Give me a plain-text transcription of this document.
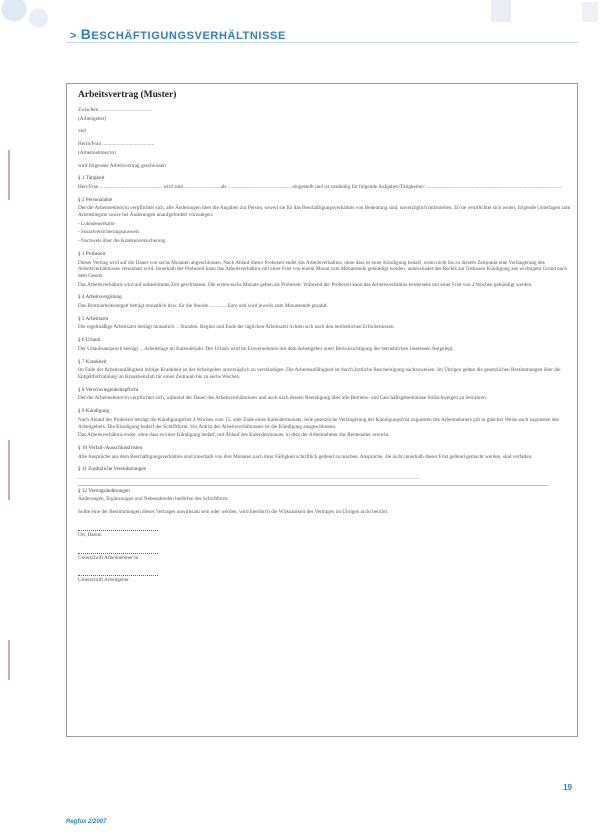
> BESCHÄFTIGUNGSVERHÄLTNISSE
Arbeitsvertrag (Muster)
Zwischen ........................................
(Arbeitgeber)
und
Herrn/Frau ........................................
(Arbeitnehmer/in)
wird folgender Arbeitsvertrag geschlossen:
§ 1 Tätigkeit
Herr/Frau ................................................ wird zum ........................... als ................................................. eingestellt und ist zuständig für folgende Aufgaben/Tätigkeiten: ........................................................................................................
§ 2 Personalakte
Der/die Arbeitnehmer/in verpflichtet sich, alle Änderungen über die Angaben zur Person, soweit sie für das Beschäftigungsverhältnis von Bedeutung sind, unverzüglich mitzuteilen. Er/sie verpflichtet sich weiter, folgende Unterlagen zum Arbeitsbeginn sowie bei Änderungen unaufgefordert vorzulegen:
- Lohnsteuerkarte
- Sozialversicherungsausweis
- Nachweis über die Krankenversicherung
§ 3 Probezeit
Dieser Vertrag wird auf die Dauer von sechs Monaten abgeschlossen. Nach Ablauf dieser Probezeit endet das Arbeitsverhältnis, ohne dass es einer Kündigung bedarf, wenn nicht bis zu diesem Zeitpunkt eine Verlängerung des Arbeitsverhältnisses vereinbart wird. Innerhalb der Probezeit kann das Arbeitsverhältnis mit einer Frist von einem Monat zum Monatsende gekündigt werden, unbeschadet des Rechts zur fristlosen Kündigung aus wichtigem Grund nach dem Gesetz.
Das Arbeitsverhältnis wird auf unbestimmte Zeit geschlossen. Die ersten sechs Monate gelten als Probezeit. Während der Probezeit kann das Arbeitsverhältnis beiderseits mit einer Frist von 2 Wochen gekündigt werden.
§ 4 Arbeitsvergütung
Das Bruttoarbeitsentgelt beträgt monatlich bzw. für die Stunde ............. Euro und wird jeweils zum Monatsende gezahlt.
§ 5 Arbeitszeit
Die regelmäßige Arbeitszeit beträgt monatlich ... Stunden. Beginn und Ende der täglichen Arbeitszeit richten sich nach den betrieblichen Erfordernissen.
§ 6 Urlaub
Der Urlaubsanspruch beträgt ... Arbeitstage im Kalenderjahr. Der Urlaub wird im Einvernehmen mit dem Arbeitgeber unter Berücksichtigung der betrieblichen Interessen festgelegt.
§ 7 Krankheit
Im Falle der Arbeitsunfähigkeit infolge Krankheit ist der Arbeitgeber unverzüglich zu verständigen. Die Arbeitsunfähigkeit ist durch ärztliche Bescheinigung nachzuweisen. Im Übrigen gelten die gesetzlichen Bestimmungen über die Entgeltfortzahlung im Krankheitsfall für einen Zeitraum bis zu sechs Wochen.
§ 8 Verschwiegenheitspflicht
Der/die Arbeitnehmer/in verpflichtet sich, während der Dauer des Arbeitsverhältnisses und auch nach dessen Beendigung über alle Betriebs- und Geschäftsgeheimnisse Stillschweigen zu bewahren.
§ 9 Kündigung
Nach Ablauf der Probezeit beträgt die Kündigungsfrist 4 Wochen zum 15. oder Ende eines Kalendermonats. Jede gesetzliche Verlängerung der Kündigungsfrist zugunsten des Arbeitnehmers gilt in gleicher Weise auch zugunsten des Arbeitgebers. Die Kündigung bedarf der Schriftform. Vor Antritt des Arbeitsverhältnisses ist die Kündigung ausgeschlossen.
Das Arbeitsverhältnis endet, ohne dass es einer Kündigung bedarf, mit Ablauf des Kalendermonats, in dem der Arbeitnehmer das Rentenalter erreicht.
§ 10 Verfall-/Ausschlussfristen
Alle Ansprüche aus dem Beschäftigungsverhältnis sind innerhalb von drei Monaten nach ihrer Fälligkeit schriftlich geltend zu machen. Ansprüche, die nicht innerhalb dieser Frist geltend gemacht werden, sind verfallen.
§ 11 Zusätzliche Vereinbarungen
........................................................................................................................................................................................................................................................................
§ 12 Vertragsänderungen
Änderungen, Ergänzungen und Nebenabreden bedürfen der Schriftform.
Sollte eine der Bestimmungen dieses Vertrages unwirksam sein oder werden, wird hierdurch die Wirksamkeit des Vertrages im Übrigen nicht berührt.
Ort, Datum
Unterschrift Arbeitnehmer/in
Unterschrift Arbeitgeber
19
Regfux 2/2007
